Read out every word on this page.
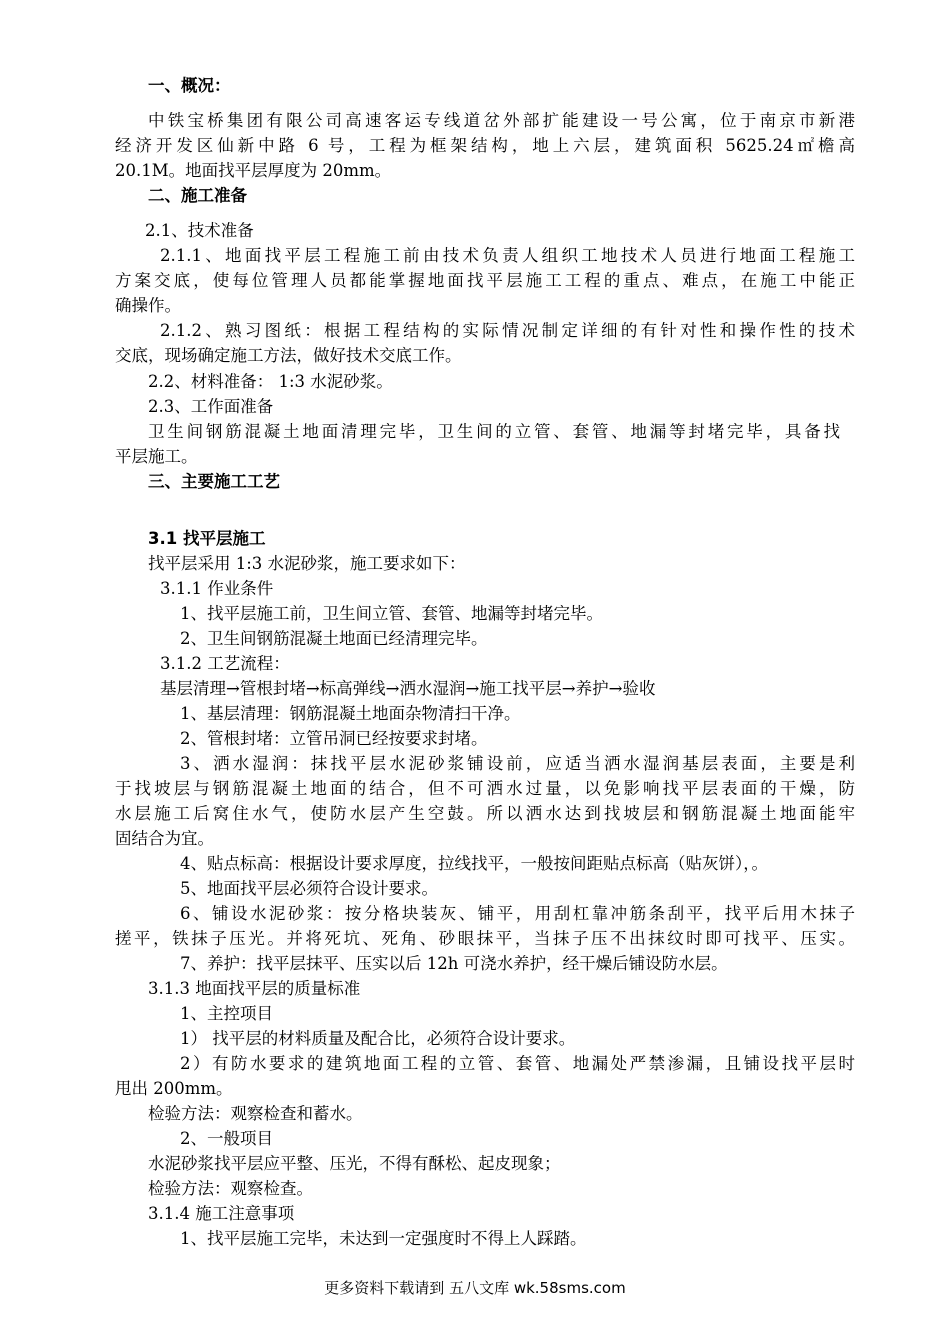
一、概况：
中铁宝桥集团有限公司高速客运专线道岔外部扩能建设一号公寓，位于南京市新港
经济开发区仙新中路 6 号，工程为框架结构，地上六层，建筑面积 5625.24㎡檐高
20.1M。地面找平层厚度为 20mm。
二、施工准备
2.1、技术准备
2.1.1、地面找平层工程施工前由技术负责人组织工地技术人员进行地面工程施工
方案交底，使每位管理人员都能掌握地面找平层施工工程的重点、难点，在施工中能正
确操作。
2.1.2、熟习图纸：根据工程结构的实际情况制定详细的有针对性和操作性的技术
交底，现场确定施工方法，做好技术交底工作。
2.2、材料准备： 1:3 水泥砂浆。
2.3、工作面准备
卫生间钢筋混凝土地面清理完毕，卫生间的立管、套管、地漏等封堵完毕，具备找
平层施工。
三、主要施工工艺
3.1 找平层施工
找平层采用 1:3 水泥砂浆，施工要求如下：
3.1.1 作业条件
1、找平层施工前，卫生间立管、套管、地漏等封堵完毕。
2、卫生间钢筋混凝土地面已经清理完毕。
3.1.2 工艺流程：
基层清理→管根封堵→标高弹线→洒水湿润→施工找平层→养护→验收
1、基层清理：钢筋混凝土地面杂物清扫干净。
2、管根封堵：立管吊洞已经按要求封堵。
3、洒水湿润：抹找平层水泥砂浆铺设前，应适当洒水湿润基层表面，主要是利
于找坡层与钢筋混凝土地面的结合，但不可洒水过量，以免影响找平层表面的干燥，防
水层施工后窝住水气，使防水层产生空鼓。所以洒水达到找坡层和钢筋混凝土地面能牢
固结合为宜。
4、贴点标高：根据设计要求厚度，拉线找平，一般按间距贴点标高（贴灰饼），。
5、地面找平层必须符合设计要求。
6、铺设水泥砂浆：按分格块装灰、铺平，用刮杠靠冲筋条刮平，找平后用木抹子
搓平，铁抹子压光。并将死坑、死角、砂眼抹平，当抹子压不出抹纹时即可找平、压实。
7、养护：找平层抹平、压实以后 12h 可浇水养护，经干燥后铺设防水层。
3.1.3 地面找平层的质量标准
1、主控项目
1） 找平层的材料质量及配合比，必须符合设计要求。
2）有防水要求的建筑地面工程的立管、套管、地漏处严禁渗漏，且铺设找平层时
甩出 200mm。
检验方法：观察检查和蓄水。
2、一般项目
水泥砂浆找平层应平整、压光，不得有酥松、起皮现象；
检验方法：观察检查。
3.1.4 施工注意事项
1、找平层施工完毕，未达到一定强度时不得上人踩踏。
更多资料下载请到 五八文库 wk.58sms.com
